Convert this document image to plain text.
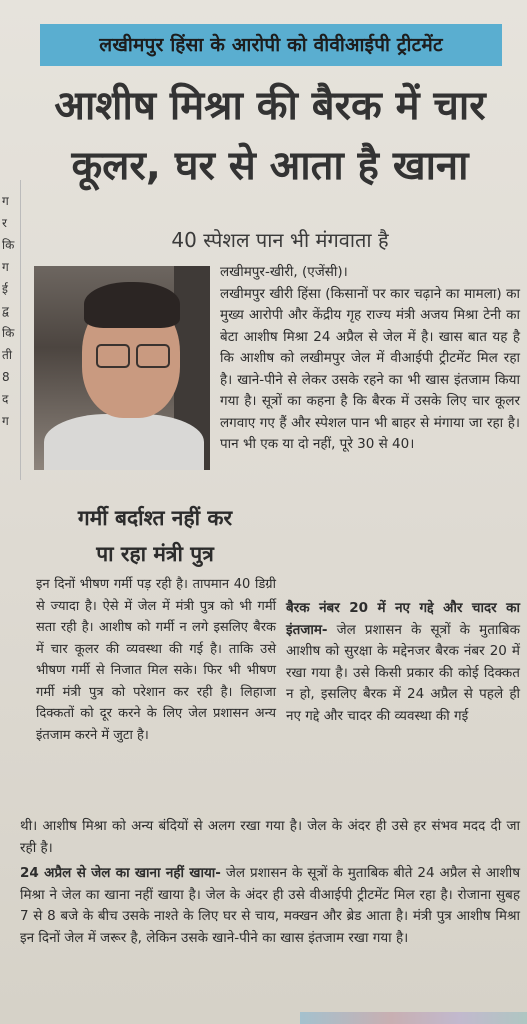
ग
र
कि
ग
ई
द्व
कि
ती
8
द
ग
लखीमपुर हिंसा के आरोपी को वीवीआईपी ट्रीटमेंट
आशीष मिश्रा की बैरक में चार
कूलर, घर से आता है खाना
40 स्पेशल पान भी मंगवाता है

लखीमपुर-खीरी, (एजेंसी)।

लखीमपुर खीरी हिंसा (किसानों पर कार चढ़ाने का मामला) का मुख्य आरोपी और केंद्रीय गृह राज्य मंत्री अजय मिश्रा टेनी का बेटा आशीष मिश्रा 24 अप्रैल से जेल में है। खास बात यह है कि आशीष को लखीमपुर जेल में वीआईपी ट्रीटमेंट मिल रहा है। खाने-पीने से लेकर उसके रहने का भी खास इंतजाम किया गया है। सूत्रों का कहना है कि बैरक में उसके लिए चार कूलर लगवाए गए हैं और स्पेशल पान भी बाहर से मंगाया जा रहा है। पान भी एक या दो नहीं, पूरे 30 से 40।

गर्मी बर्दाश्त नहीं कर
पा रहा मंत्री पुत्र
इन दिनों भीषण गर्मी पड़ रही है। तापमान 40 डिग्री से ज्यादा है। ऐसे में जेल में मंत्री पुत्र को भी गर्मी सता रही है। आशीष को गर्मी न लगे इसलिए बैरक में चार कूलर की व्यवस्था की गई है। ताकि उसे भीषण गर्मी से निजात मिल सके। फिर भी भीषण गर्मी मंत्री पुत्र को परेशान कर रही है। लिहाजा दिक्कतों को दूर करने के लिए जेल प्रशासन अन्य इंतजाम करने में जुटा है।
बैरक नंबर 20 में नए गद्दे और चादर का इंतजाम- जेल प्रशासन के सूत्रों के मुताबिक आशीष को सुरक्षा के मद्देनजर बैरक नंबर 20 में रखा गया है। उसे किसी प्रकार की कोई दिक्कत न हो, इसलिए बैरक में 24 अप्रैल से पहले ही नए गद्दे और चादर की व्यवस्था की गई

थी। आशीष मिश्रा को अन्य बंदियों से अलग रखा गया है। जेल के अंदर ही उसे हर संभव मदद दी जा रही है।

24 अप्रैल से जेल का खाना नहीं खाया- जेल प्रशासन के सूत्रों के मुताबिक बीते 24 अप्रैल से आशीष मिश्रा ने जेल का खाना नहीं खाया है। जेल के अंदर ही उसे वीआईपी ट्रीटमेंट मिल रहा है। रोजाना सुबह 7 से 8 बजे के बीच उसके नाश्ते के लिए घर से चाय, मक्खन और ब्रेड आता है। मंत्री पुत्र आशीष मिश्रा इन दिनों जेल में जरूर है, लेकिन उसके खाने-पीने का खास इंतजाम रखा गया है।
